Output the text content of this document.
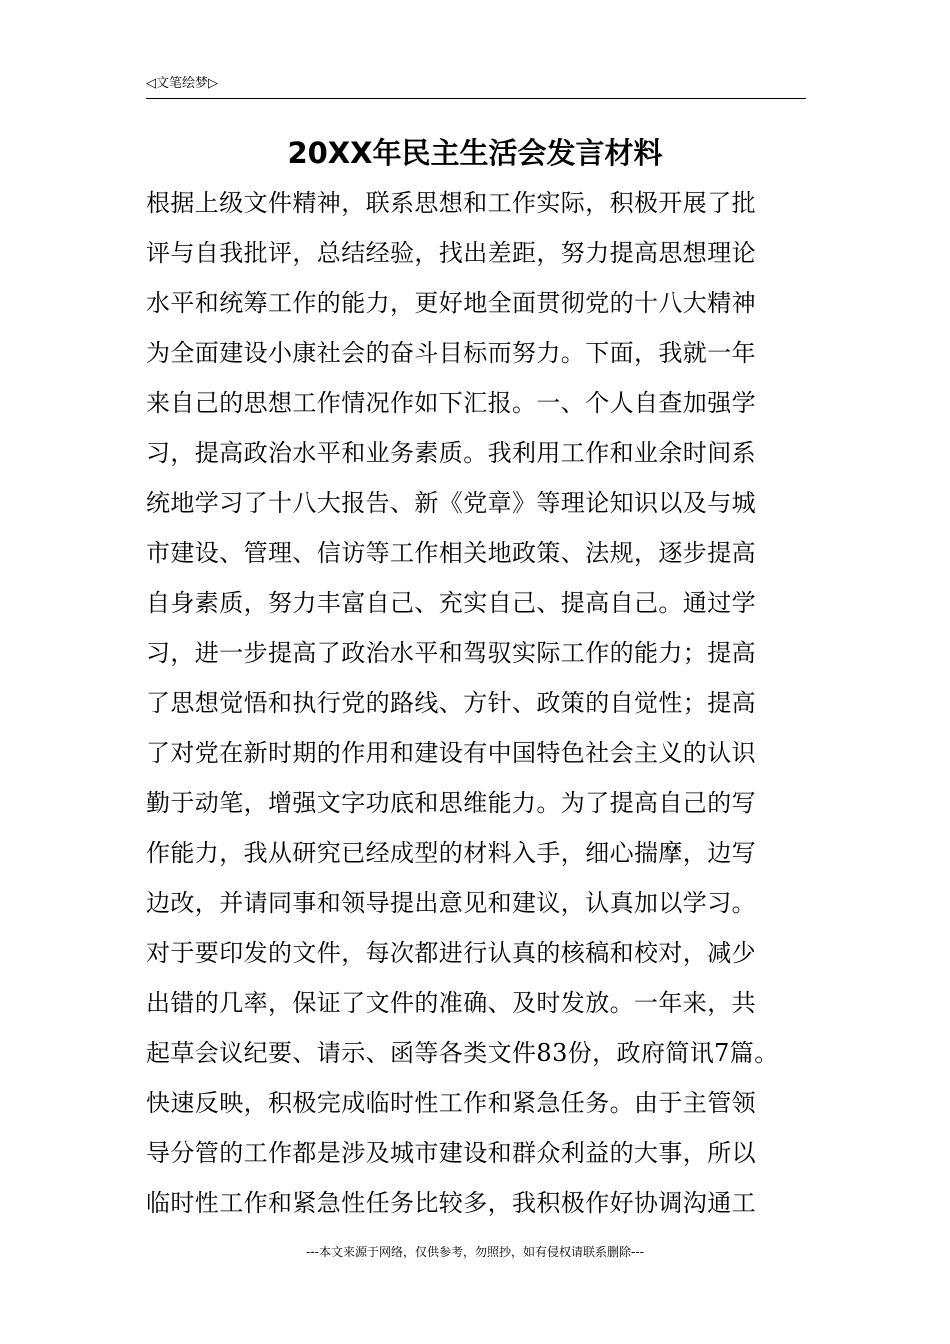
◁文笔绘梦▷
20XX年民主生活会发言材料
根据上级文件精神，联系思想和工作实际，积极开展了批
评与自我批评，总结经验，找出差距，努力提高思想理论
水平和统筹工作的能力，更好地全面贯彻党的十八大精神
为全面建设小康社会的奋斗目标而努力。下面，我就一年
来自己的思想工作情况作如下汇报。一、个人自查加强学
习，提高政治水平和业务素质。我利用工作和业余时间系
统地学习了十八大报告、新《党章》等理论知识以及与城
市建设、管理、信访等工作相关地政策、法规，逐步提高
自身素质，努力丰富自己、充实自己、提高自己。通过学
习，进一步提高了政治水平和驾驭实际工作的能力；提高
了思想觉悟和执行党的路线、方针、政策的自觉性；提高
了对党在新时期的作用和建设有中国特色社会主义的认识
勤于动笔，增强文字功底和思维能力。为了提高自己的写
作能力，我从研究已经成型的材料入手，细心揣摩，边写
边改，并请同事和领导提出意见和建议，认真加以学习。
对于要印发的文件，每次都进行认真的核稿和校对，减少
出错的几率，保证了文件的准确、及时发放。一年来，共
起草会议纪要、请示、函等各类文件83份，政府简讯7篇。
快速反映，积极完成临时性工作和紧急任务。由于主管领
导分管的工作都是涉及城市建设和群众利益的大事，所以
临时性工作和紧急性任务比较多，我积极作好协调沟通工
---本文来源于网络，仅供参考，勿照抄，如有侵权请联系删除---
